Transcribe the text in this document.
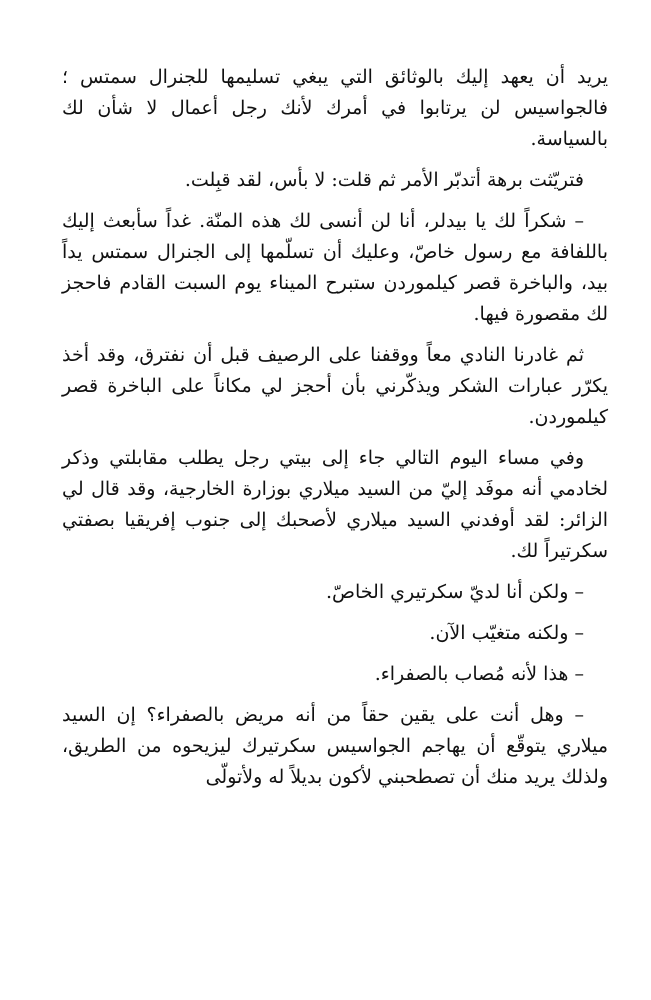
يريد أن يعهد إليك بالوثائق التي يبغي تسليمها للجنرال سمتس ؛ فالجواسيس لن يرتابوا في أمرك لأنك رجل أعمال لا شأن لك بالسياسة.

فتريّثت برهة أتدبّر الأمر ثم قلت: لا بأس، لقد قبِلت.

– شكراً لك يا بيدلر، أنا لن أنسى لك هذه المنّة. غداً سأبعث إليك باللفافة مع رسول خاصّ، وعليك أن تسلّمها إلى الجنرال سمتس يداً بيد، والباخرة قصر كيلموردن ستبرح الميناء يوم السبت القادم فاحجز لك مقصورة فيها.

ثم غادرنا النادي معاً ووقفنا على الرصيف قبل أن نفترق، وقد أخذ يكرّر عبارات الشكر ويذكّرني بأن أحجز لي مكاناً على الباخرة قصر كيلموردن.

وفي مساء اليوم التالي جاء إلى بيتي رجل يطلب مقابلتي وذكر لخادمي أنه موفَد إليّ من السيد ميلاري بوزارة الخارجية، وقد قال لي الزائر: لقد أوفدني السيد ميلاري لأصحبك إلى جنوب إفريقيا بصفتي سكرتيراً لك.

– ولكن أنا لديّ سكرتيري الخاصّ.

– ولكنه متغيّب الآن.

– هذا لأنه مُصاب بالصفراء.

– وهل أنت على يقين حقاً من أنه مريض بالصفراء؟ إن السيد ميلاري يتوقّع أن يهاجم الجواسيس سكرتيرك ليزيحوه من الطريق، ولذلك يريد منك أن تصطحبني لأكون بديلاً له ولأتولّى
